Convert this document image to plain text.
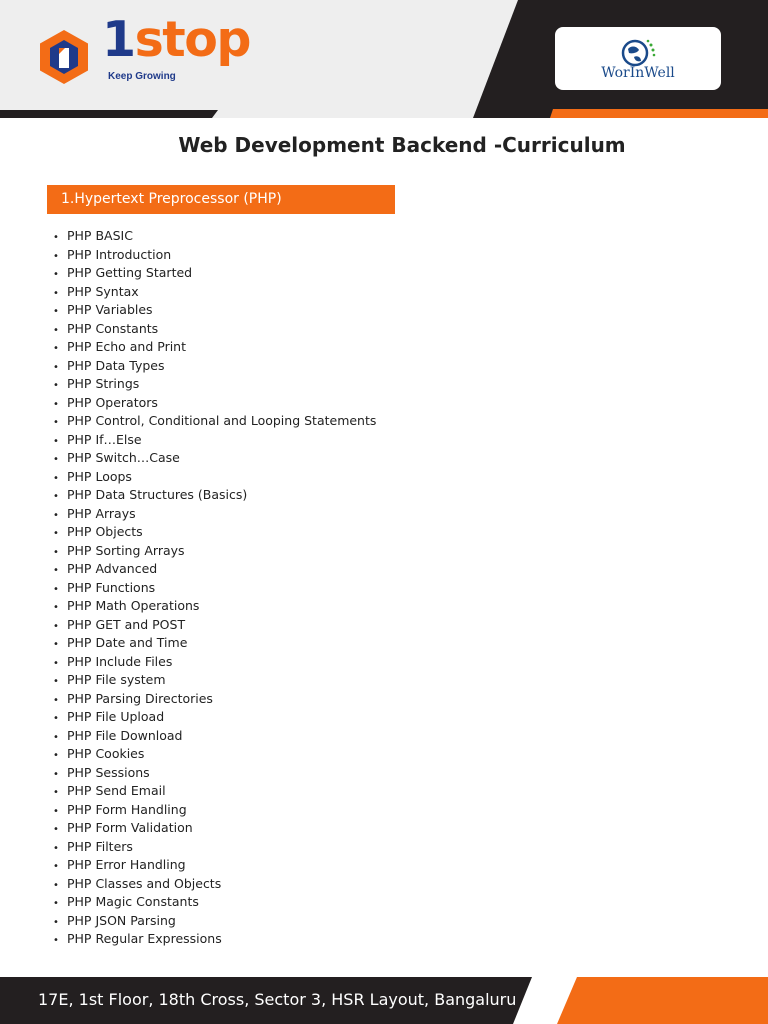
1stop
Keep Growing	WorInWell
Web Development Backend -Curriculum
1.Hypertext Preprocessor (PHP)
• PHP BASIC
• PHP Introduction
• PHP Getting Started
• PHP Syntax
• PHP Variables
• PHP Constants
• PHP Echo and Print
• PHP Data Types
• PHP Strings
• PHP Operators
• PHP Control, Conditional and Looping Statements
• PHP If…Else
• PHP Switch…Case
• PHP Loops
• PHP Data Structures (Basics)
• PHP Arrays
• PHP Objects
• PHP Sorting Arrays
• PHP Advanced
• PHP Functions
• PHP Math Operations
• PHP GET and POST
• PHP Date and Time
• PHP Include Files
• PHP File system
• PHP Parsing Directories
• PHP File Upload
• PHP File Download
• PHP Cookies
• PHP Sessions
• PHP Send Email
• PHP Form Handling
• PHP Form Validation
• PHP Filters
• PHP Error Handling
• PHP Classes and Objects
• PHP Magic Constants
• PHP JSON Parsing
• PHP Regular Expressions
17E, 1st Floor, 18th Cross, Sector 3, HSR Layout, Bangaluru
